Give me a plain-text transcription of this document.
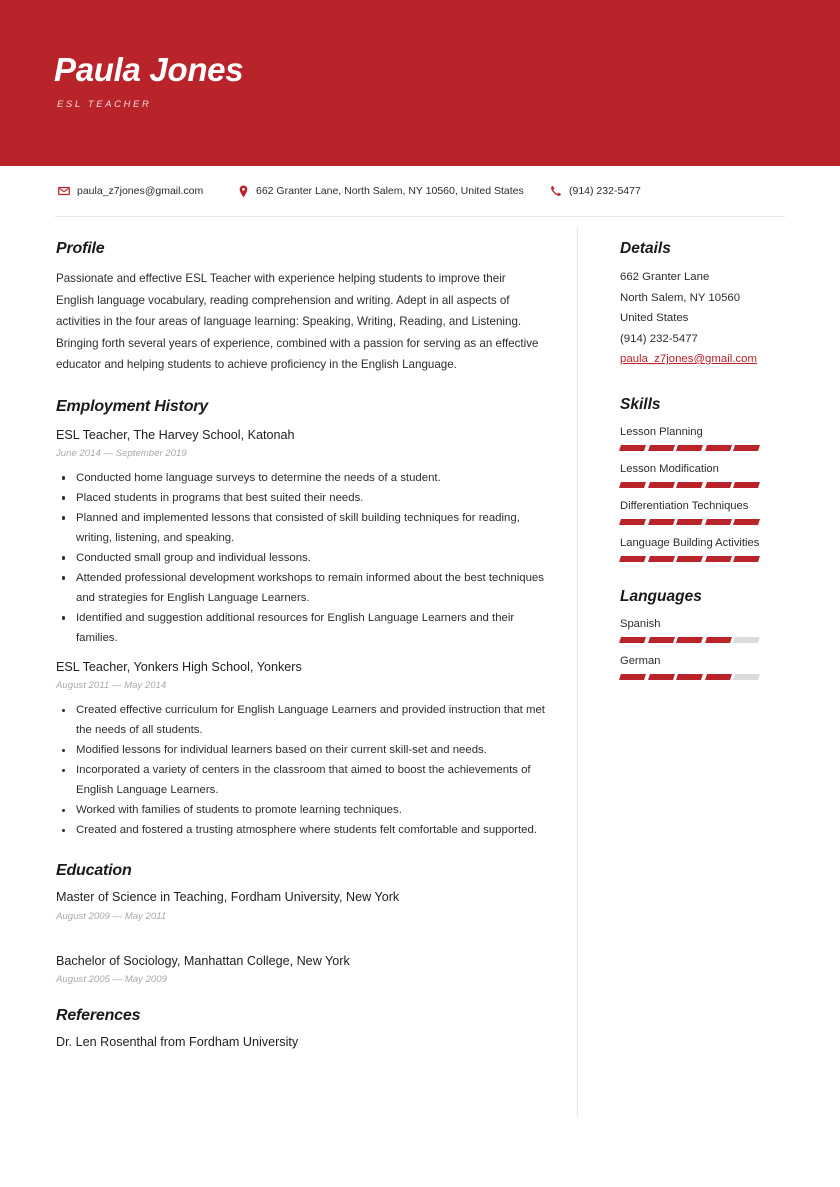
Paula Jones
ESL TEACHER
paula_z7jones@gmail.com	662 Granter Lane, North Salem, NY 10560, United States	(914) 232-5477
Profile
Passionate and effective ESL Teacher with experience helping students to improve their English language vocabulary, reading comprehension and writing. Adept in all aspects of activities in the four areas of language learning: Speaking, Writing, Reading, and Listening. Bringing forth several years of experience, combined with a passion for serving as an effective educator and helping students to achieve proficiency in the English Language.
Employment History
ESL Teacher, The Harvey School, Katonah
June 2014 — September 2019
Conducted home language surveys to determine the needs of a student.
Placed students in programs that best suited their needs.
Planned and implemented lessons that consisted of skill building techniques for reading, writing, listening, and speaking.
Conducted small group and individual lessons.
Attended professional development workshops to remain informed about the best techniques and strategies for English Language Learners.
Identified and suggestion additional resources for English Language Learners and their families.
ESL Teacher, Yonkers High School, Yonkers
August 2011 — May 2014
Created effective curriculum for English Language Learners and provided instruction that met the needs of all students.
Modified lessons for individual learners based on their current skill-set and needs.
Incorporated a variety of centers in the classroom that aimed to boost the achievements of English Language Learners.
Worked with families of students to promote learning techniques.
Created and fostered a trusting atmosphere where students felt comfortable and supported.
Education
Master of Science in Teaching, Fordham University, New York
August 2009 — May 2011
Bachelor of Sociology, Manhattan College, New York
August 2005 — May 2009
References
Dr. Len Rosenthal from Fordham University
Details
662 Granter Lane
North Salem, NY 10560
United States
(914) 232-5477
paula_z7jones@gmail.com
Skills
Lesson Planning
Lesson Modification
Differentiation Techniques
Language Building Activities
Languages
Spanish
German
